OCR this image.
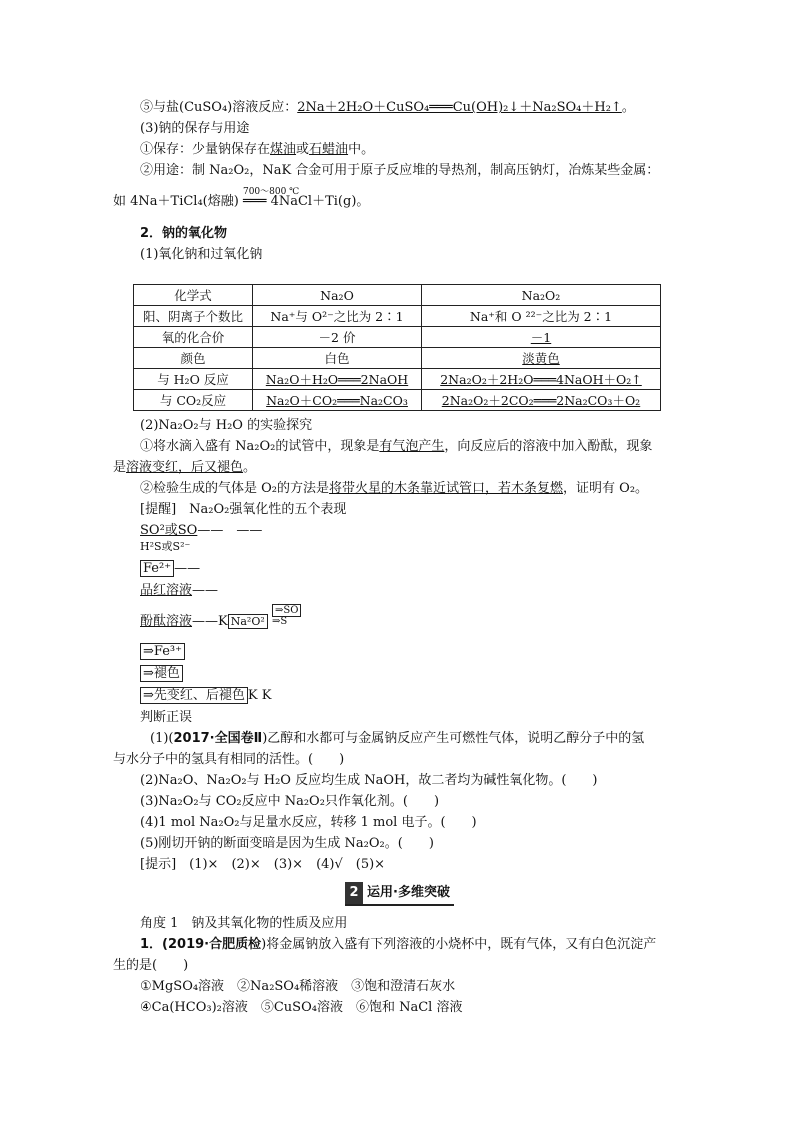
⑤与盐(CuSO₄)溶液反应：2Na＋2H₂O＋CuSO₄═══Cu(OH)₂↓＋Na₂SO₄＋H₂↑。
(3)钠的保存与用途
①保存：少量钠保存在煤油或石蜡油中。
②用途：制 Na₂O₂，NaK 合金可用于原子反应堆的导热剂，制高压钠灯，冶炼某些金属：
如 4Na＋TiCl₄(熔融)
700～800 ℃
═══ 4NaCl＋Ti(g)。
2．钠的氧化物
(1)氧化钠和过氧化钠
化学式	Na₂O	Na₂O₂
阳、阴离子个数比	Na⁺与 O²⁻之比为 2∶1	Na⁺和 O ²²⁻之比为 2∶1
氧的化合价	－2 价	－1
颜色	白色	淡黄色
与 H₂O 反应	Na₂O＋H₂O═══2NaOH	2Na₂O₂＋2H₂O═══4NaOH＋O₂↑
与 CO₂反应	Na₂O＋CO₂═══Na₂CO₃	2Na₂O₂＋2CO₂═══2Na₂CO₃＋O₂
(2)Na₂O₂与 H₂O 的实验探究
①将水滴入盛有 Na₂O₂的试管中，现象是有气泡产生，向反应后的溶液中加入酚酞，现象
是溶液变红，后又褪色。
②检验生成的气体是 O₂的方法是将带火星的木条靠近试管口，若木条复燃，证明有 O₂。
[提醒]　Na₂O₂强氧化性的五个表现
SO²或SO——　——
H²S或S²⁻
Fe²⁺ ——
品红溶液——
酚酞溶液——K Na²O²
⇒SO
⇒S
⇒Fe³⁺
⇒褪色
⇒先变红、后褪色 K K
判断正误
(1)(2017·全国卷Ⅱ)乙醇和水都可与金属钠反应产生可燃性气体，说明乙醇分子中的氢
与水分子中的氢具有相同的活性。(　　)
(2)Na₂O、Na₂O₂与 H₂O 反应均生成 NaOH，故二者均为碱性氧化物。(　　)
(3)Na₂O₂与 CO₂反应中 Na₂O₂只作氧化剂。(　　)
(4)1 mol Na₂O₂与足量水反应，转移 1 mol 电子。(　　)
(5)刚切开钠的断面变暗是因为生成 Na₂O₂。(　　)
[提示]　(1)×　(2)×　(3)×　(4)√　(5)×
2 运用·多维突破
角度 1　钠及其氧化物的性质及应用
1．(2019·合肥质检)将金属钠放入盛有下列溶液的小烧杯中，既有气体，又有白色沉淀产
生的是(　　)
①MgSO₄溶液　②Na₂SO₄稀溶液　③饱和澄清石灰水
④Ca(HCO₃)₂溶液　⑤CuSO₄溶液　⑥饱和 NaCl 溶液
